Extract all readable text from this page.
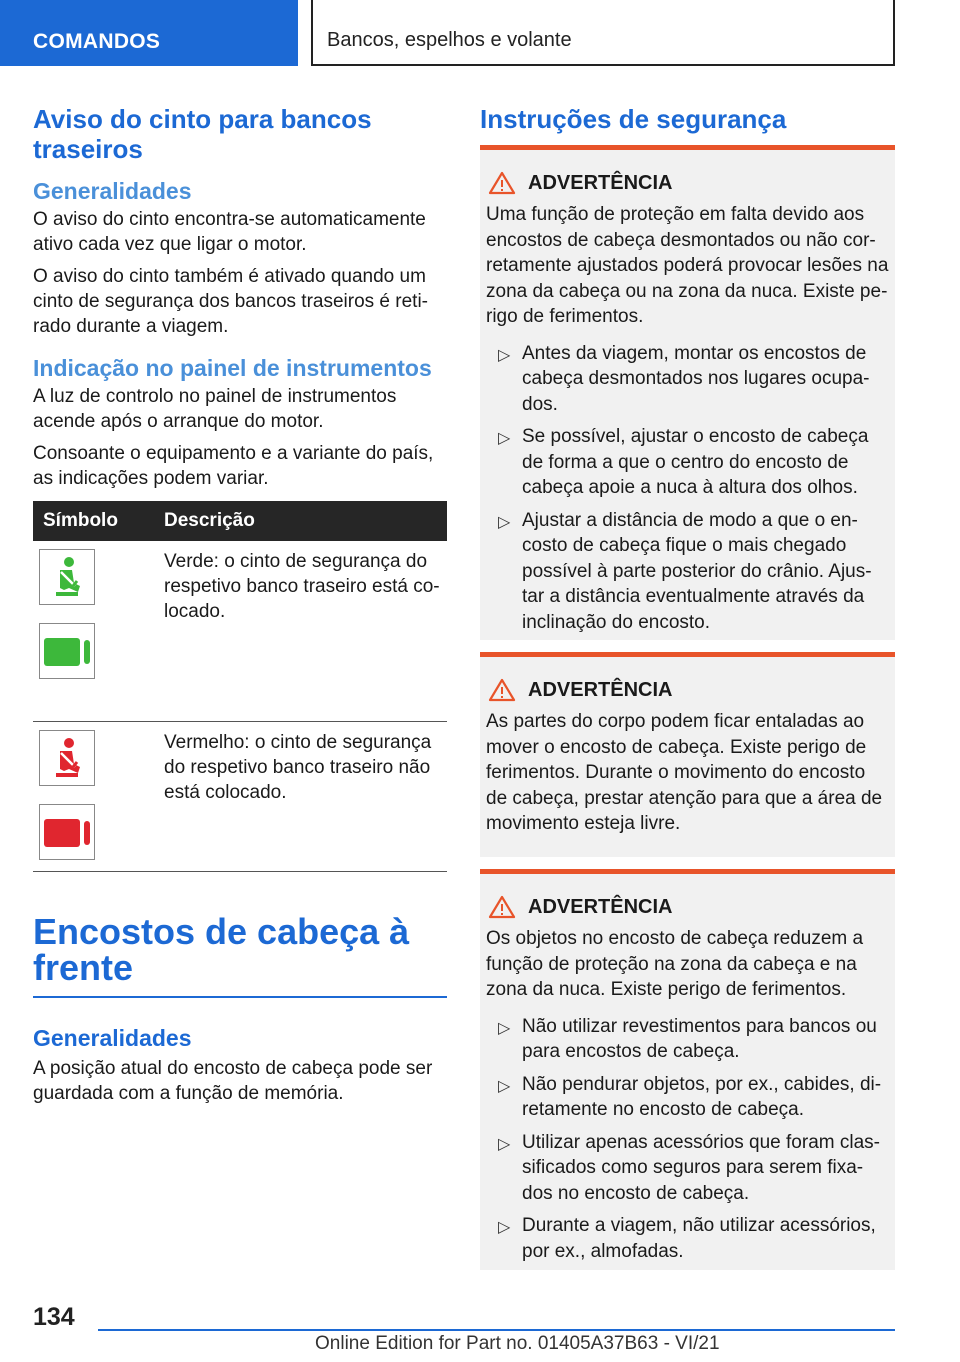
COMANDOS	Bancos, espelhos e volante
Aviso do cinto para bancos traseiros
Generalidades

O aviso do cinto encontra-se automaticamente ativo cada vez que ligar o motor.

O aviso do cinto também é ativado quando um cinto de segurança dos bancos traseiros é reti-rado durante a viagem.

Indicação no painel de instrumentos

A luz de controlo no painel de instrumentos acende após o arranque do motor.

Consoante o equipamento e a variante do país, as indicações podem variar.

Símbolo	Descrição

	Verde: o cinto de segurança do respetivo banco traseiro está co-locado.

	Vermelho: o cinto de segurança do respetivo banco traseiro não está colocado.
Encostos de cabeça à frente
Generalidades

A posição atual do encosto de cabeça pode ser guardada com a função de memória.

Instruções de segurança
ADVERTÊNCIA

Uma função de proteção em falta devido aos encostos de cabeça desmontados ou não cor-retamente ajustados poderá provocar lesões na zona da cabeça ou na zona da nuca. Existe pe-rigo de ferimentos.

▷ Antes da viagem, montar os encostos de cabeça desmontados nos lugares ocupa-dos.
▷ Se possível, ajustar o encosto de cabeça de forma a que o centro do encosto de cabeça apoie a nuca à altura dos olhos.
▷ Ajustar a distância de modo a que o en-costo de cabeça fique o mais chegado possível à parte posterior do crânio. Ajus-tar a distância eventualmente através da inclinação do encosto.
ADVERTÊNCIA

As partes do corpo podem ficar entaladas ao mover o encosto de cabeça. Existe perigo de ferimentos. Durante o movimento do encosto de cabeça, prestar atenção para que a área de movimento esteja livre.

ADVERTÊNCIA

Os objetos no encosto de cabeça reduzem a função de proteção na zona da cabeça e na zona da nuca. Existe perigo de ferimentos.

▷ Não utilizar revestimentos para bancos ou para encostos de cabeça.
▷ Não pendurar objetos, por ex., cabides, di-retamente no encosto de cabeça.
▷ Utilizar apenas acessórios que foram clas-sificados como seguros para serem fixa-dos no encosto de cabeça.
▷ Durante a viagem, não utilizar acessórios, por ex., almofadas.
134
Online Edition for Part no. 01405A37B63 - VI/21
